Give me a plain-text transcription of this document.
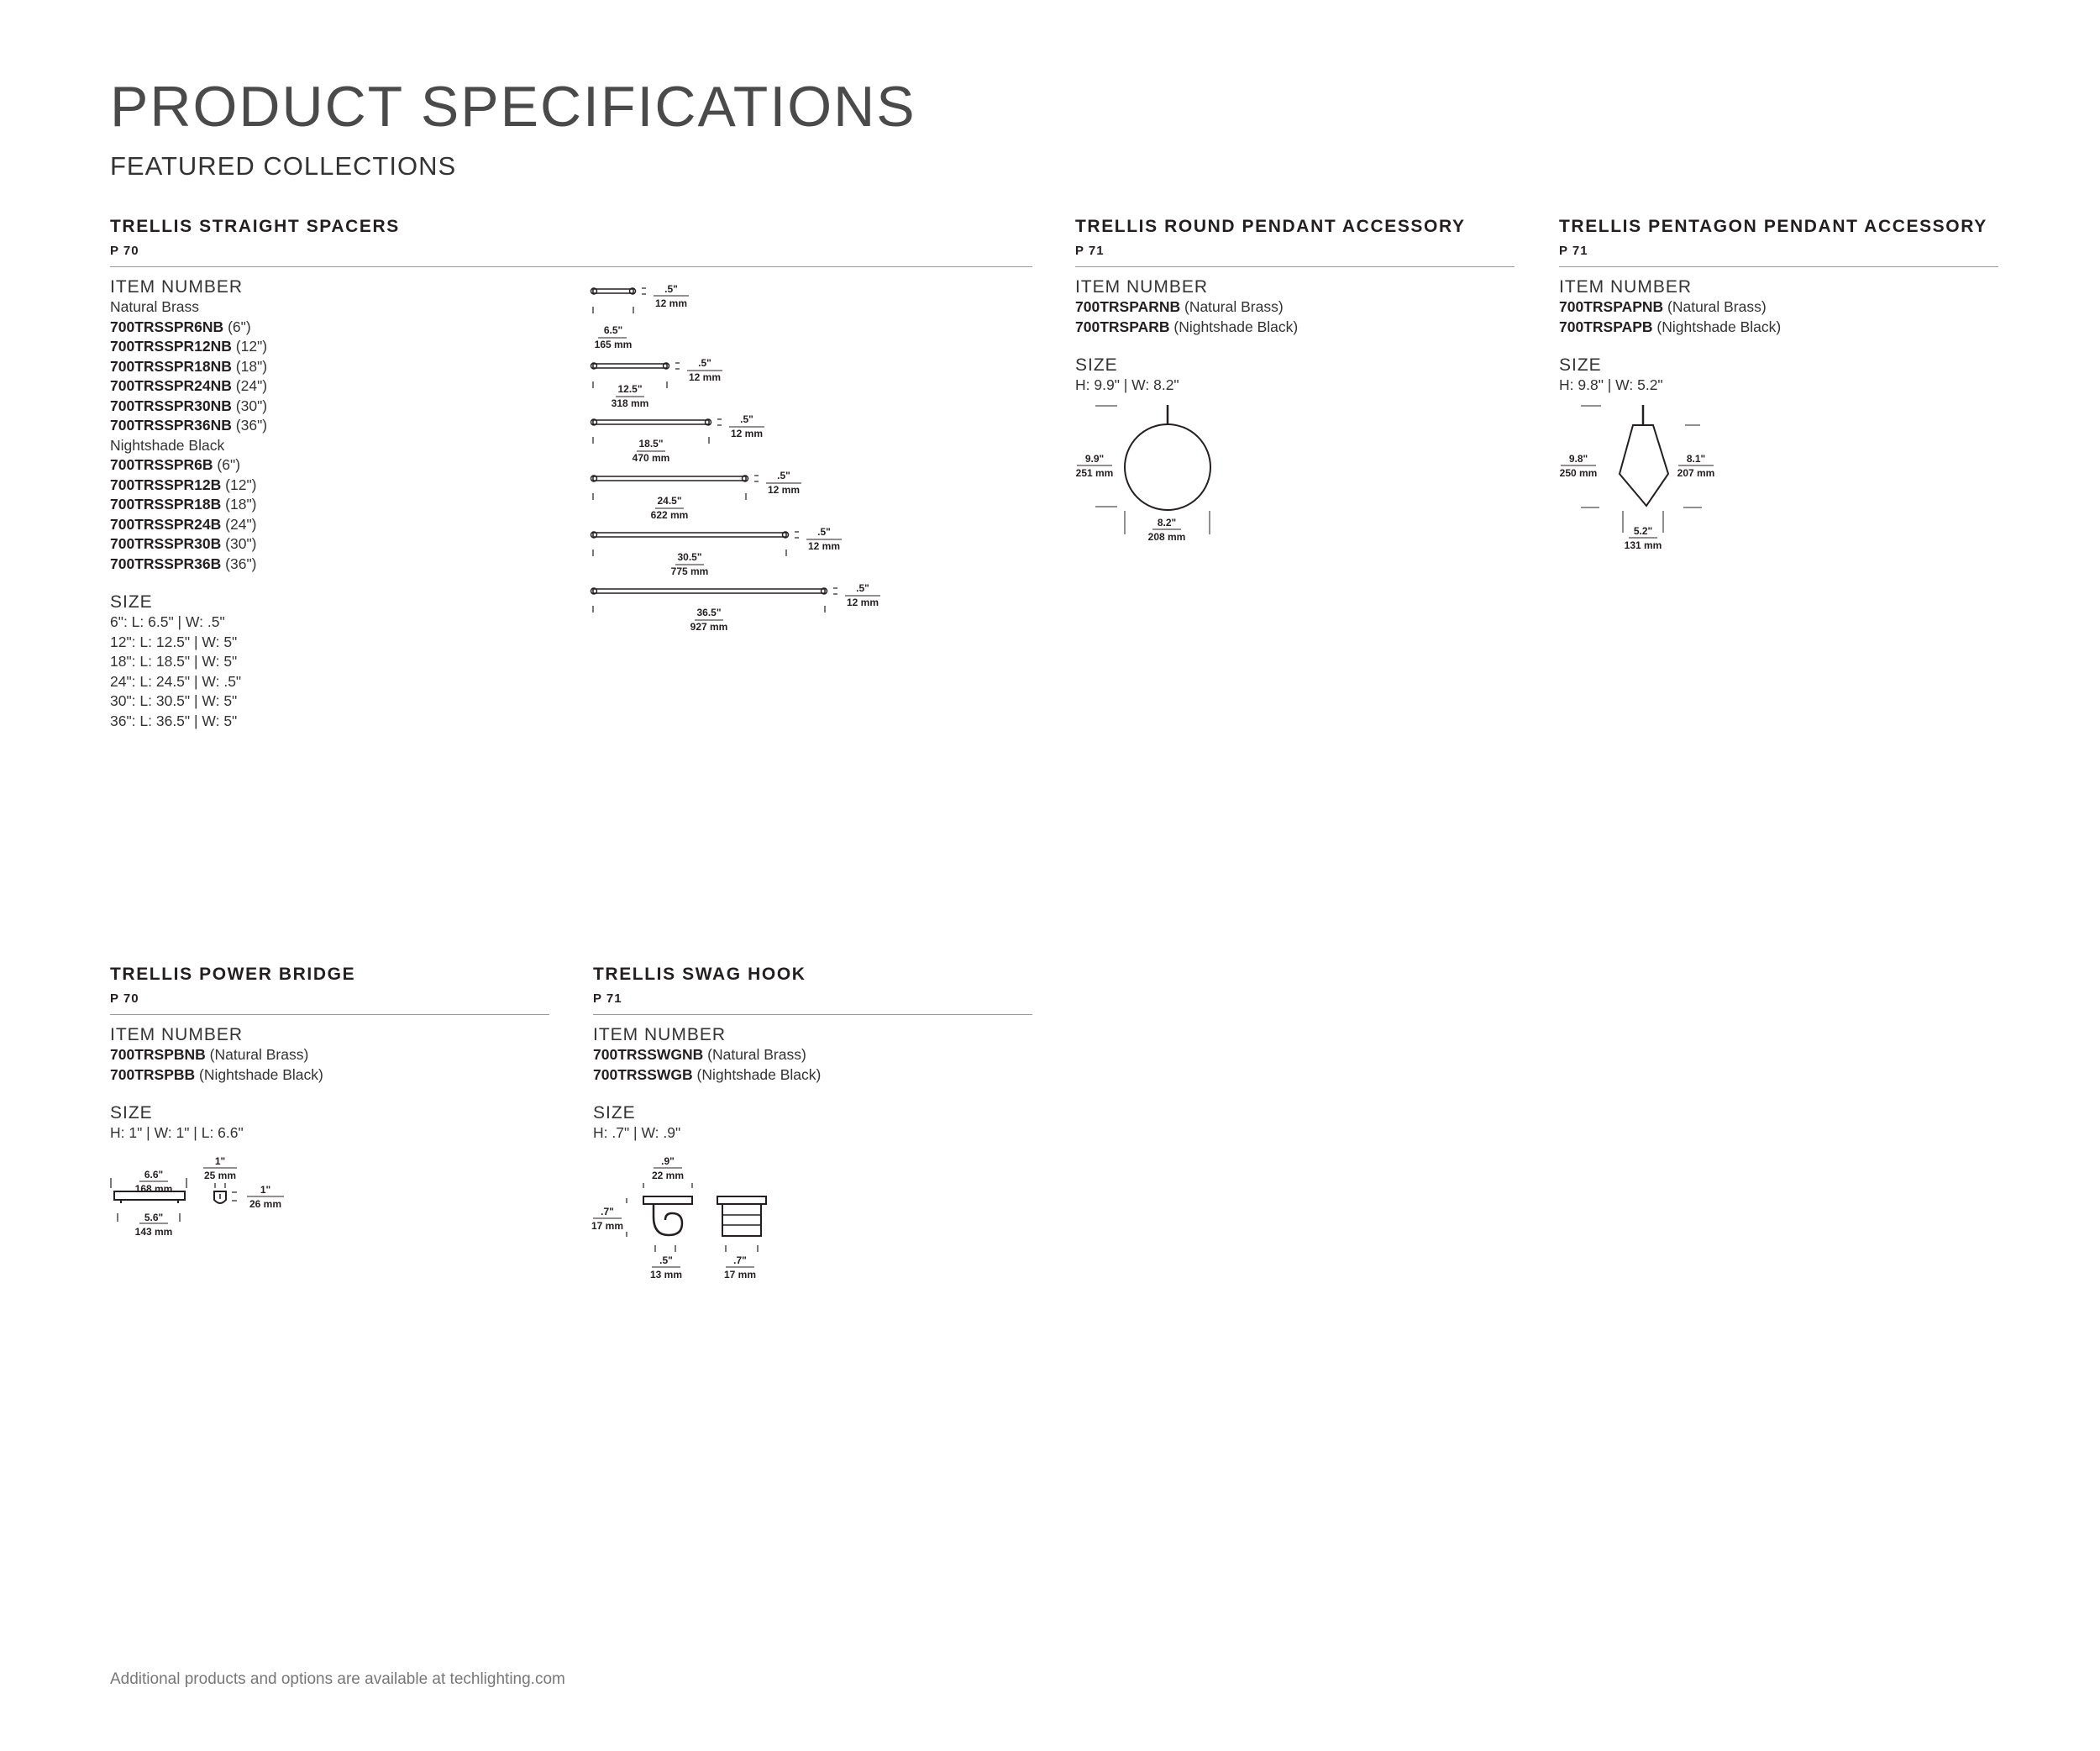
PRODUCT SPECIFICATIONS
FEATURED COLLECTIONS
TRELLIS STRAIGHT SPACERS
P 70
ITEM NUMBER
Natural Brass
700TRSSPR6NB (6")
700TRSSPR12NB (12")
700TRSSPR18NB (18")
700TRSSPR24NB (24")
700TRSSPR30NB (30")
700TRSSPR36NB (36")
Nightshade Black
700TRSSPR6B (6")
700TRSSPR12B (12")
700TRSSPR18B (18")
700TRSSPR24B (24")
700TRSSPR30B (30")
700TRSSPR36B (36")
SIZE
6": L: 6.5" | W: .5"
12": L: 12.5" | W: 5"
18": L: 18.5" | W: 5"
24": L: 24.5" | W: .5"
30": L: 30.5" | W: 5"
36": L: 36.5" | W: 5"
.5"
12 mm
6.5"
165 mm
.5"
12 mm
12.5"
318 mm
.5"
12 mm
18.5"
470 mm
.5"
12 mm
24.5"
622 mm
.5"
12 mm
30.5"
775 mm
.5"
12 mm
36.5"
927 mm
TRELLIS ROUND PENDANT ACCESSORY
P 71
ITEM NUMBER
700TRSPARNB (Natural Brass)
700TRSPARB (Nightshade Black)
SIZE
H: 9.9" | W: 8.2"
9.9"
251 mm
8.2"
208 mm
TRELLIS PENTAGON PENDANT ACCESSORY
P 71
ITEM NUMBER
700TRSPAPNB (Natural Brass)
700TRSPAPB (Nightshade Black)
SIZE
H: 9.8" | W: 5.2"
9.8"
250 mm
8.1"
207 mm
5.2"
131 mm
TRELLIS POWER BRIDGE
P 70
ITEM NUMBER
700TRSPBNB (Natural Brass)
700TRSPBB (Nightshade Black)
SIZE
H: 1" | W: 1" | L: 6.6"
6.6"
168 mm
5.6"
143 mm
1"
25 mm
1"
26 mm
TRELLIS SWAG HOOK
P 71
ITEM NUMBER
700TRSSWGNB (Natural Brass)
700TRSSWGB (Nightshade Black)
SIZE
H: .7" | W: .9"
.9"
22 mm
.7"
17 mm
.5"
13 mm
.7"
17 mm
Additional products and options are available at techlighting.com
